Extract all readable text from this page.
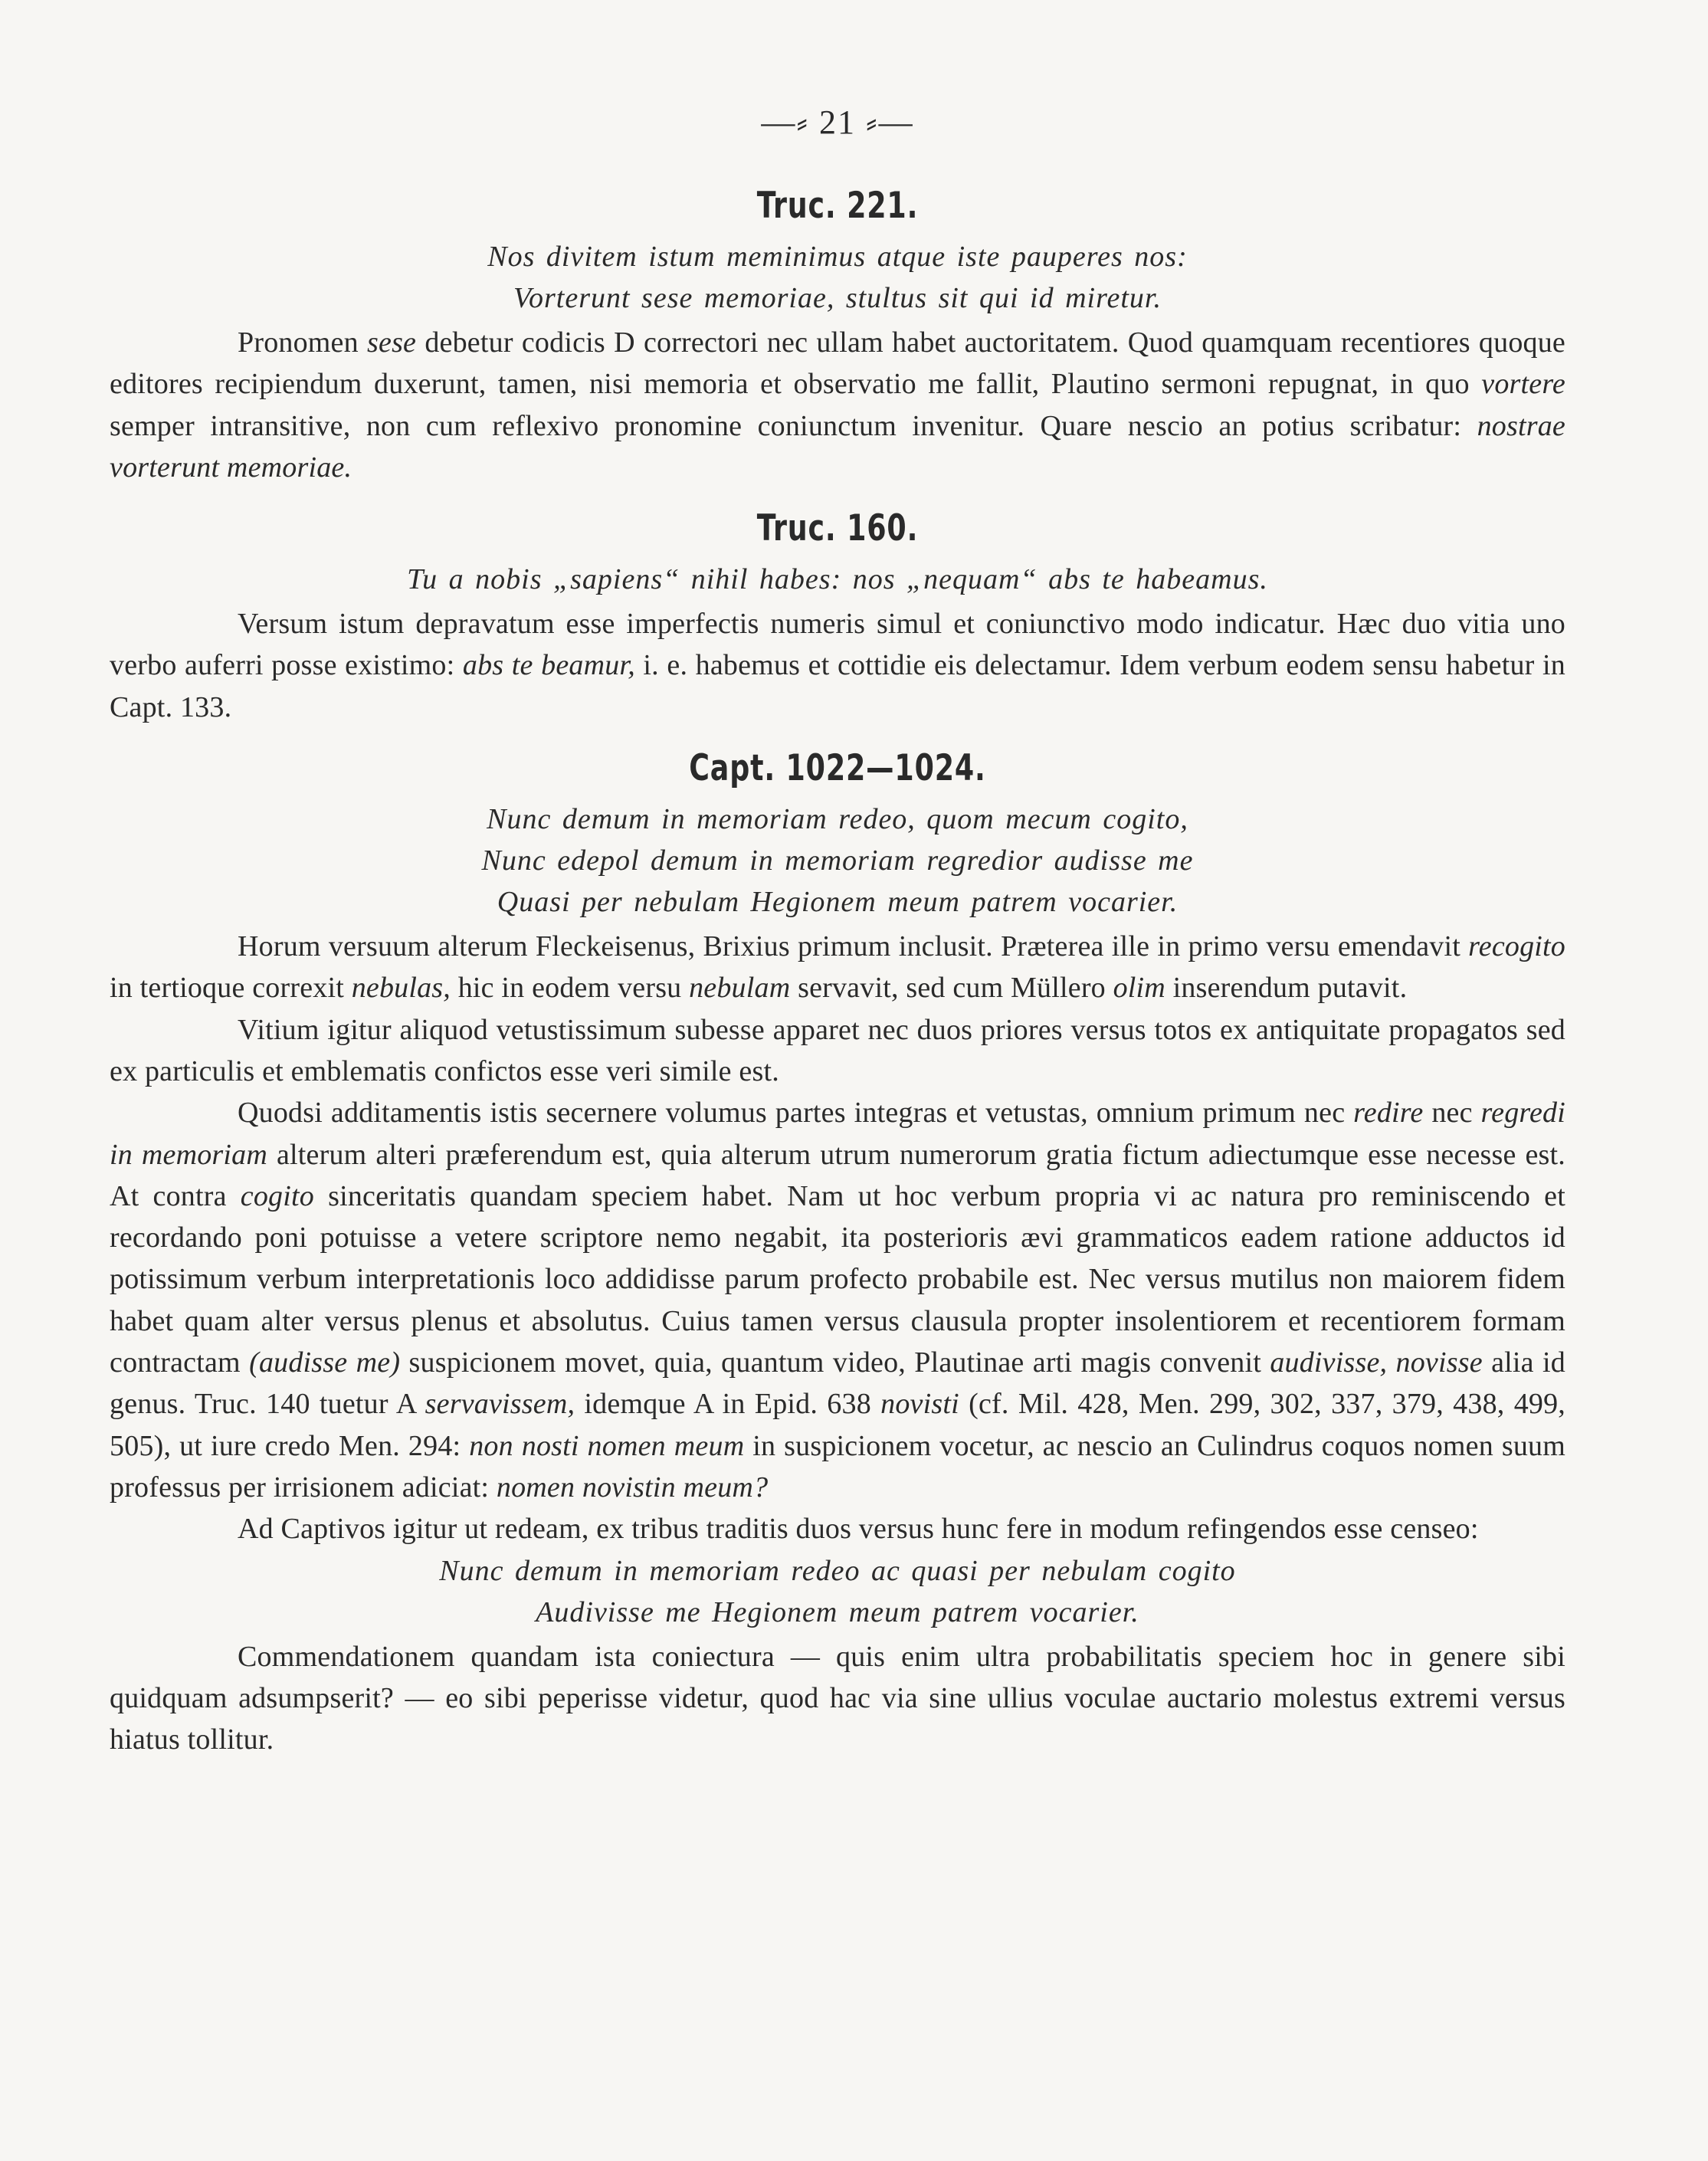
—⸗ 21 ⸗—
Truc. 221.
Nos divitem istum meminimus atque iste pauperes nos:
Vorterunt sese memoriae, stultus sit qui id miretur.

Pronomen sese debetur codicis D correctori nec ullam habet auctoritatem. Quod quamquam recentiores quoque editores recipiendum duxerunt, tamen, nisi memoria et observatio me fallit, Plautino sermoni repugnat, in quo vortere semper intransitive, non cum reflexivo pronomine coniunctum invenitur. Quare nescio an potius scribatur: nostrae vorterunt memoriae.

Truc. 160.
Tu a nobis „sapiens“ nihil habes: nos „nequam“ abs te habeamus.

Versum istum depravatum esse imperfectis numeris simul et coniunctivo modo indicatur. Hæc duo vitia uno verbo auferri posse existimo: abs te beamur, i. e. habemus et cottidie eis delectamur. Idem verbum eodem sensu habetur in Capt. 133.

Capt. 1022—1024.
Nunc demum in memoriam redeo, quom mecum cogito,
Nunc edepol demum in memoriam regredior audisse me
Quasi per nebulam Hegionem meum patrem vocarier.

Horum versuum alterum Fleckeisenus, Brixius primum inclusit. Præterea ille in primo versu emendavit recogito in tertioque correxit nebulas, hic in eodem versu nebulam servavit, sed cum Müllero olim inserendum putavit.

Vitium igitur aliquod vetustissimum subesse apparet nec duos priores versus totos ex antiquitate propagatos sed ex particulis et emblematis confictos esse veri simile est.

Quodsi additamentis istis secernere volumus partes integras et vetustas, omnium primum nec redire nec regredi in memoriam alterum alteri præferendum est, quia alterum utrum numerorum gratia fictum adiectumque esse necesse est. At contra cogito sinceritatis quandam speciem habet. Nam ut hoc verbum propria vi ac natura pro reminiscendo et recordando poni potuisse a vetere scriptore nemo negabit, ita posterioris ævi grammaticos eadem ratione adductos id potissimum verbum interpretationis loco addidisse parum profecto probabile est. Nec versus mutilus non maiorem fidem habet quam alter versus plenus et absolutus. Cuius tamen versus clausula propter insolentiorem et recentiorem formam contractam (audisse me) suspicionem movet, quia, quantum video, Plautinae arti magis convenit audivisse, novisse alia id genus. Truc. 140 tuetur A servavissem, idemque A in Epid. 638 novisti (cf. Mil. 428, Men. 299, 302, 337, 379, 438, 499, 505), ut iure credo Men. 294: non nosti nomen meum in suspicionem vocetur, ac nescio an Culindrus coquos nomen suum professus per irrisionem adiciat: nomen novistin meum?

Ad Captivos igitur ut redeam, ex tribus traditis duos versus hunc fere in modum refingendos esse censeo:

Nunc demum in memoriam redeo ac quasi per nebulam cogito
Audivisse me Hegionem meum patrem vocarier.

Commendationem quandam ista coniectura — quis enim ultra probabilitatis speciem hoc in genere sibi quidquam adsumpserit? — eo sibi peperisse videtur, quod hac via sine ullius voculae auctario molestus extremi versus hiatus tollitur.
